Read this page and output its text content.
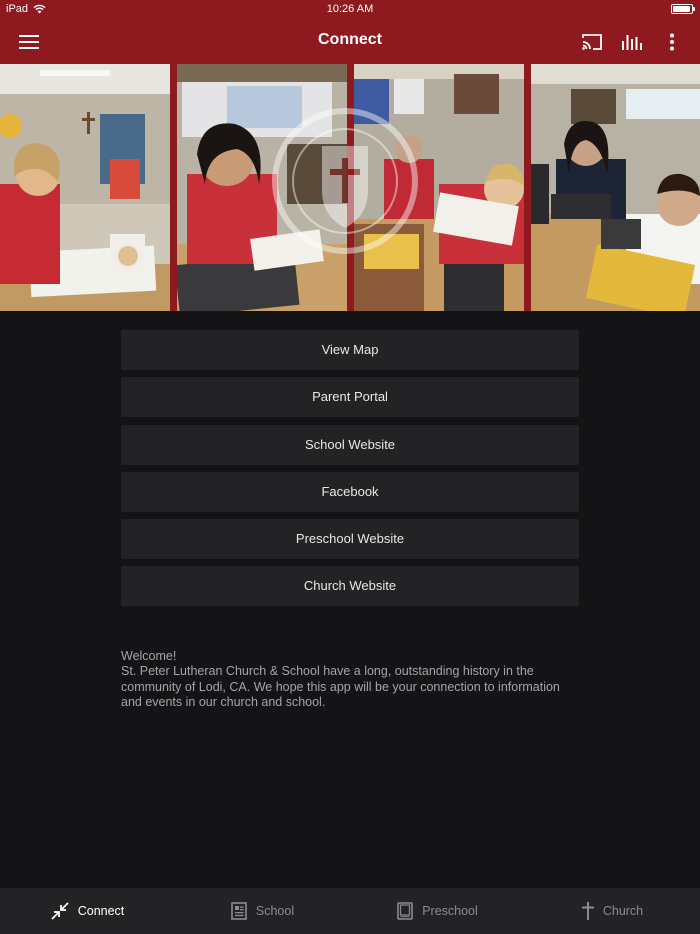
iPad	10:26 AM
Connect
View Map
Parent Portal
School Website
Facebook
Preschool Website
Church Website
Welcome!
St. Peter Lutheran Church & School have a long, outstanding history in the community of Lodi, CA. We hope this app will be your connection to information and events in our church and school.
Connect	School	Preschool	Church
